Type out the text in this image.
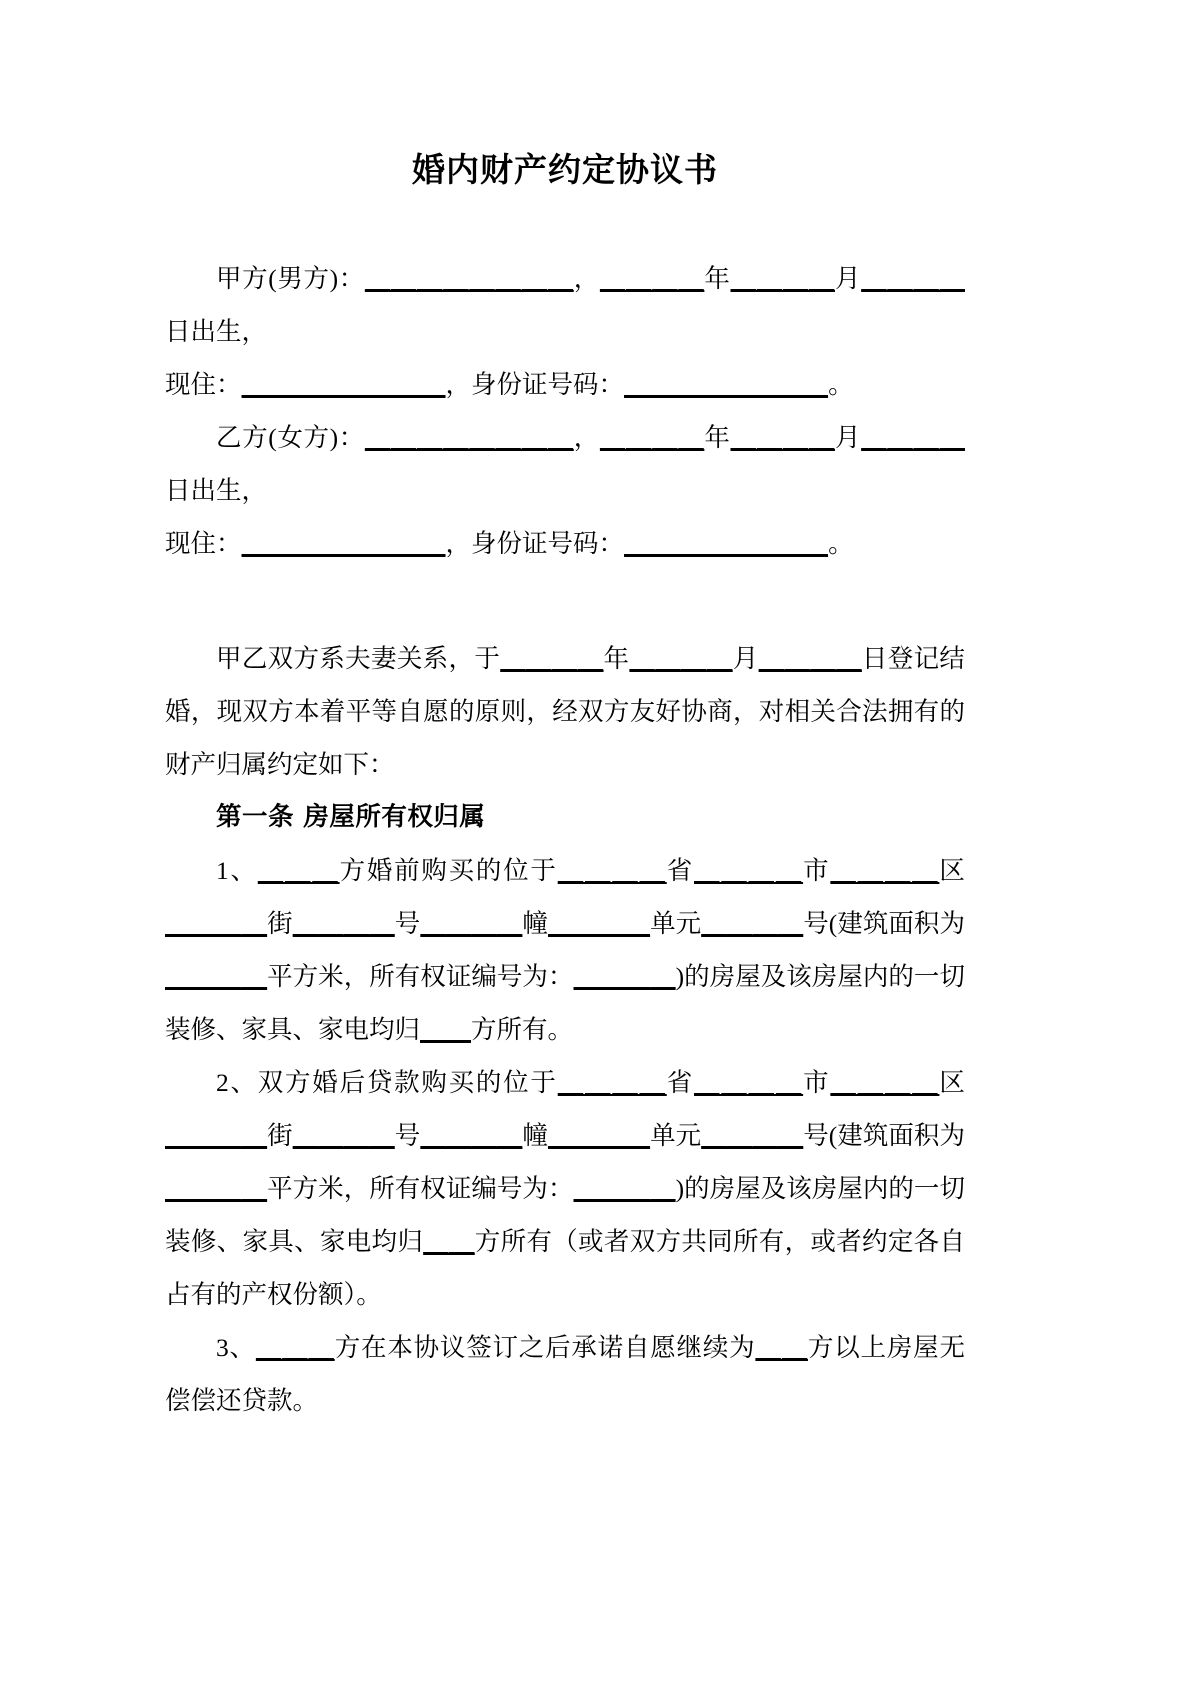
婚内财产约定协议书

甲方(男方)：＿＿＿＿＿＿＿＿，＿＿＿＿年＿＿＿＿月＿＿＿＿日出生，

现住：＿＿＿＿＿＿＿＿，身份证号码：＿＿＿＿＿＿＿＿。

乙方(女方)：＿＿＿＿＿＿＿＿，＿＿＿＿年＿＿＿＿月＿＿＿＿日出生，

现住：＿＿＿＿＿＿＿＿，身份证号码：＿＿＿＿＿＿＿＿。

甲乙双方系夫妻关系，于＿＿＿＿年＿＿＿＿月＿＿＿＿日登记结婚，现双方本着平等自愿的原则，经双方友好协商，对相关合法拥有的财产归属约定如下：

第一条 房屋所有权归属

1、＿＿＿方婚前购买的位于＿＿＿＿省＿＿＿＿市＿＿＿＿区＿＿＿＿街＿＿＿＿号＿＿＿＿幢＿＿＿＿单元＿＿＿＿号(建筑面积为＿＿＿＿平方米，所有权证编号为：＿＿＿＿)的房屋及该房屋内的一切装修、家具、家电均归＿＿方所有。

2、双方婚后贷款购买的位于＿＿＿＿省＿＿＿＿市＿＿＿＿区＿＿＿＿街＿＿＿＿号＿＿＿＿幢＿＿＿＿单元＿＿＿＿号(建筑面积为＿＿＿＿平方米，所有权证编号为：＿＿＿＿)的房屋及该房屋内的一切装修、家具、家电均归＿＿方所有（或者双方共同所有，或者约定各自占有的产权份额）。

3、＿＿＿方在本协议签订之后承诺自愿继续为＿＿方以上房屋无偿偿还贷款。
